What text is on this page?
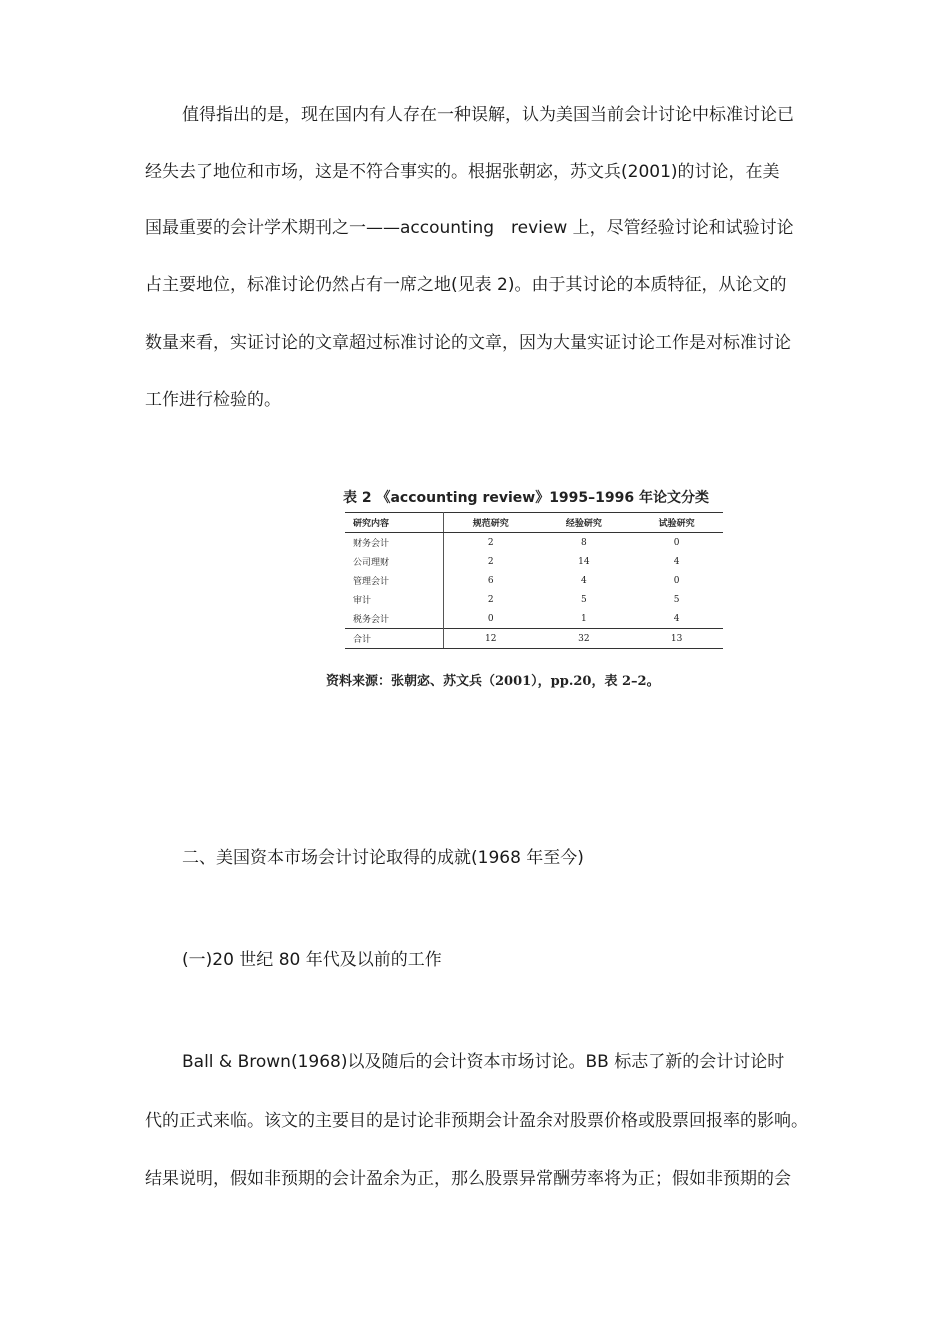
值得指出的是，现在国内有人存在一种误解，认为美国当前会计讨论中标准讨论已
经失去了地位和市场，这是不符合事实的。根据张朝宓，苏文兵(2001)的讨论，在美
国最重要的会计学术期刊之一——accounting　review 上，尽管经验讨论和试验讨论
占主要地位，标准讨论仍然占有一席之地(见表 2)。由于其讨论的本质特征，从论文的
数量来看，实证讨论的文章超过标准讨论的文章，因为大量实证讨论工作是对标准讨论
工作进行检验的。
表 2 《accounting review》1995–1996 年论文分类
研究内容	规范研究	经验研究	试验研究
财务会计	2	8	0
公司理财	2	14	4
管理会计	6	4	0
审计	2	5	5
税务会计	0	1	4
合计	12	32	13
资料来源：张朝宓、苏文兵（2001），pp.20，表 2–2。
二、美国资本市场会计讨论取得的成就(1968 年至今)
(一)20 世纪 80 年代及以前的工作
Ball & Brown(1968)以及随后的会计资本市场讨论。BB 标志了新的会计讨论时
代的正式来临。该文的主要目的是讨论非预期会计盈余对股票价格或股票回报率的影响。
结果说明，假如非预期的会计盈余为正，那么股票异常酬劳率将为正；假如非预期的会
